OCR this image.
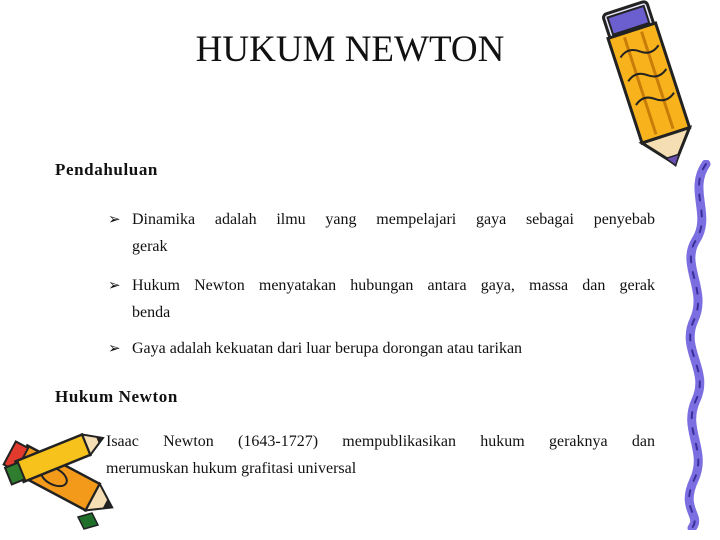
HUKUM NEWTON

Pendahuluan

➢ Dinamika adalah ilmu yang mempelajari gaya sebagai penyebab
gerak
➢ Hukum Newton menyatakan hubungan antara gaya, massa dan gerak
benda
➢ Gaya adalah kekuatan dari luar berupa dorongan atau tarikan

Hukum Newton

Isaac Newton (1643-1727) mempublikasikan hukum geraknya dan
merumuskan hukum grafitasi universal
